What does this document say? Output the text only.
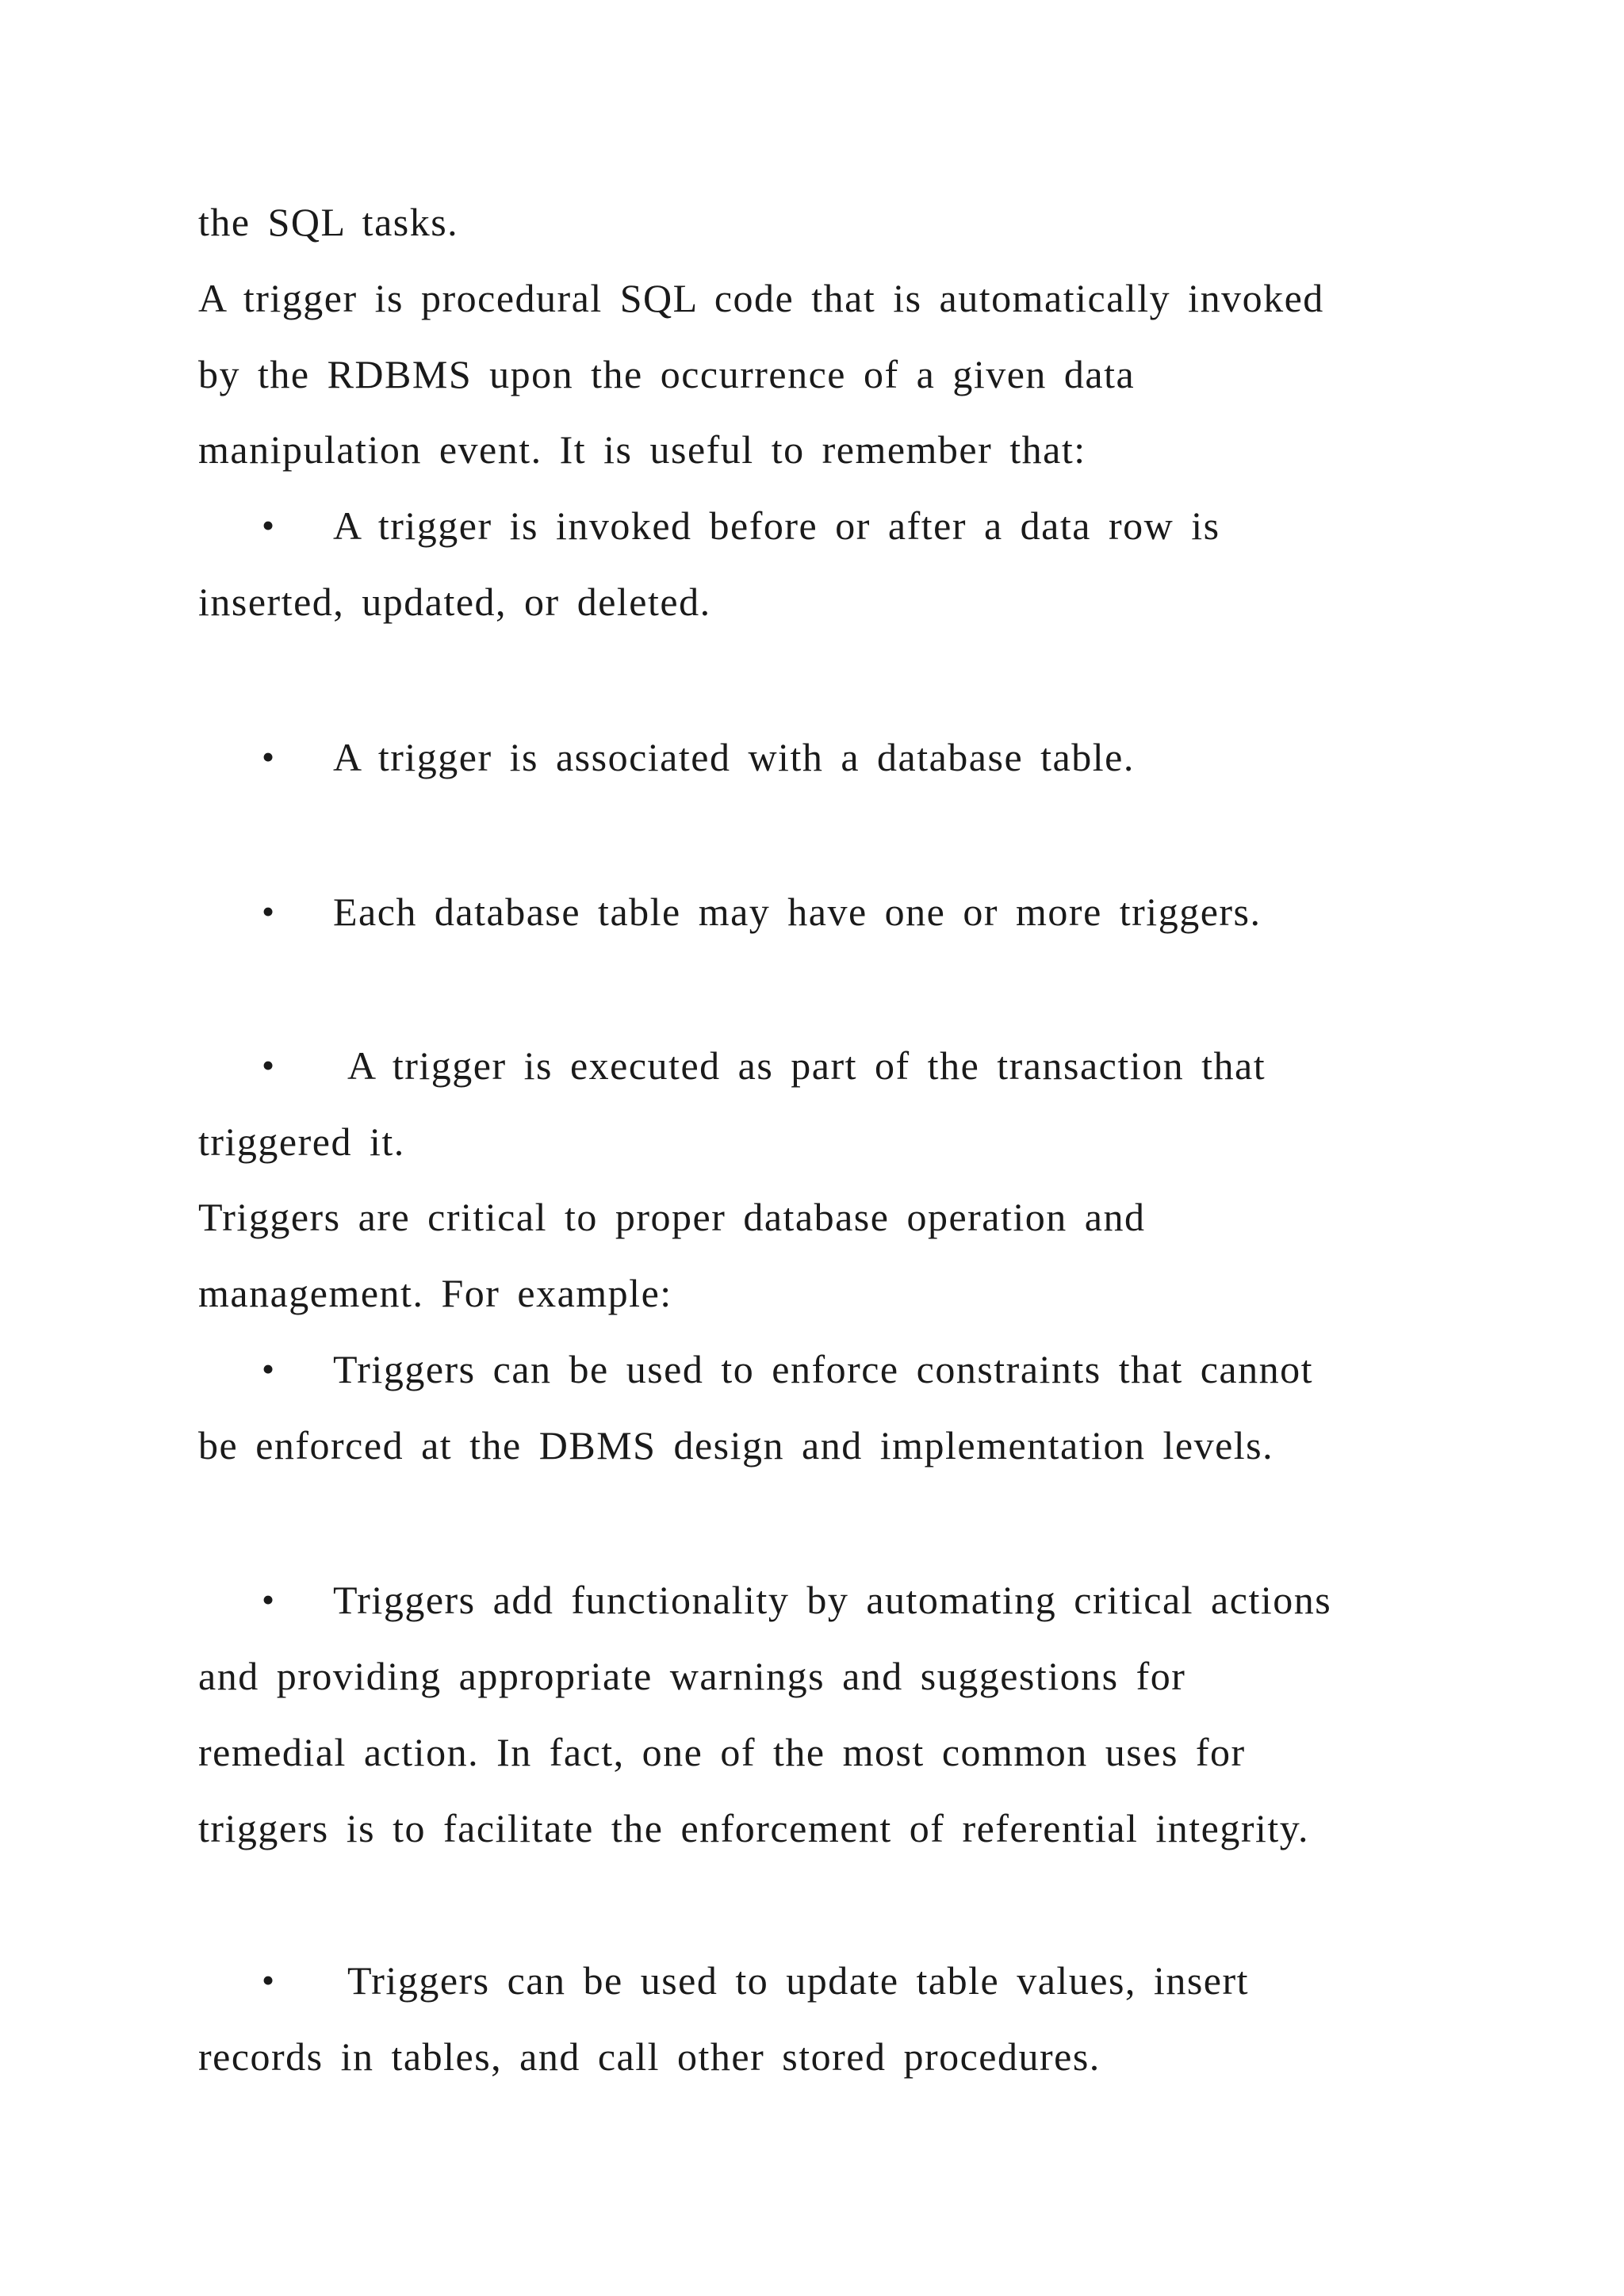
the SQL tasks.
A trigger is procedural SQL code that is automatically invoked
by the RDBMS upon the occurrence of a given data
manipulation event. It is useful to remember that:
• A trigger is invoked before or after a data row is
inserted, updated, or deleted.
• A trigger is associated with a database table.
• Each database table may have one or more triggers.
• A trigger is executed as part of the transaction that
triggered it.
Triggers are critical to proper database operation and
management. For example:
• Triggers can be used to enforce constraints that cannot
be enforced at the DBMS design and implementation levels.
• Triggers add functionality by automating critical actions
and providing appropriate warnings and suggestions for
remedial action. In fact, one of the most common uses for
triggers is to facilitate the enforcement of referential integrity.
• Triggers can be used to update table values, insert
records in tables, and call other stored procedures.
